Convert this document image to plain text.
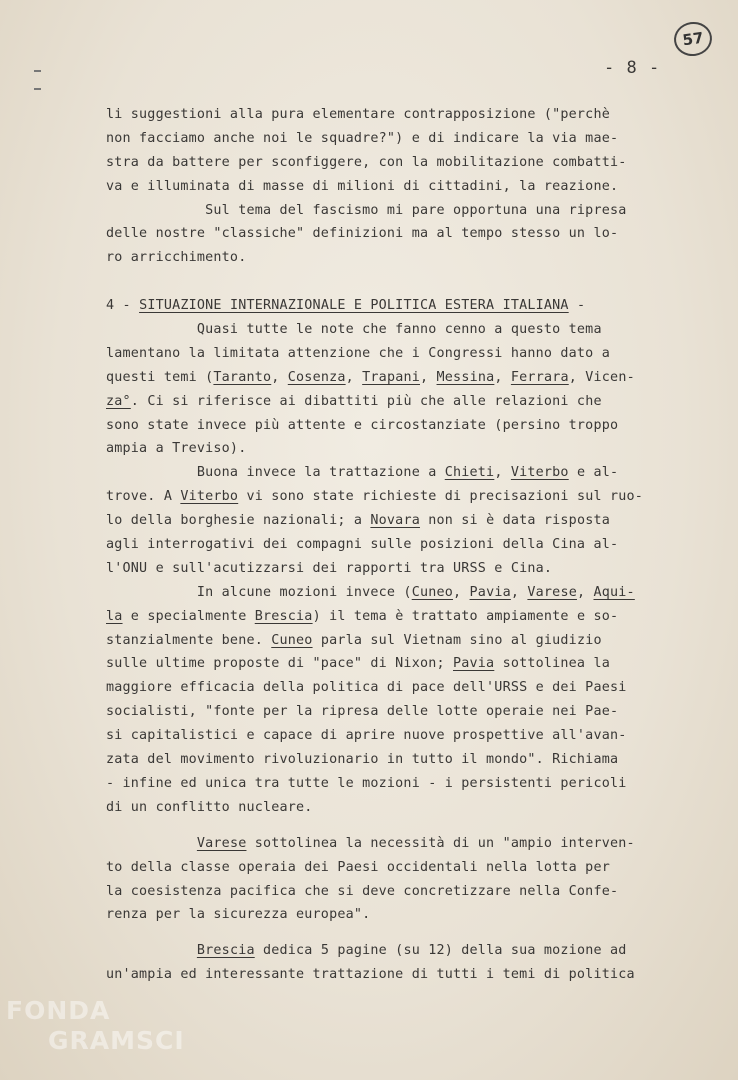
57
- 8 -
li suggestioni alla pura elementare contrapposizione ("perchè
non facciamo anche noi le squadre?") e di indicare la via mae-
stra da battere per sconfiggere, con la mobilitazione combatti-
va e illuminata di masse di milioni di cittadini, la reazione.
Sul tema del fascismo mi pare opportuna una ripresa
delle nostre "classiche" definizioni ma al tempo stesso un lo-
ro arricchimento.
4 - SITUAZIONE INTERNAZIONALE E POLITICA ESTERA ITALIANA -
Quasi tutte le note che fanno cenno a questo tema
lamentano la limitata attenzione che i Congressi hanno dato a
questi temi (Taranto, Cosenza, Trapani, Messina, Ferrara, Vicen-
za°. Ci si riferisce ai dibattiti più che alle relazioni che
sono state invece più attente e circostanziate (persino troppo
ampia a Treviso).
Buona invece la trattazione a Chieti, Viterbo e al-
trove. A Viterbo vi sono state richieste di precisazioni sul ruo-
lo della borghesie nazionali; a Novara non si è data risposta
agli interrogativi dei compagni sulle posizioni della Cina al-
l'ONU e sull'acutizzarsi dei rapporti tra URSS e Cina.
In alcune mozioni invece (Cuneo, Pavia, Varese, Aqui-
la e specialmente Brescia) il tema è trattato ampiamente e so-
stanzialmente bene. Cuneo parla sul Vietnam sino al giudizio
sulle ultime proposte di "pace" di Nixon; Pavia sottolinea la
maggiore efficacia della politica di pace dell'URSS e dei Paesi
socialisti, "fonte per la ripresa delle lotte operaie nei Pae-
si capitalistici e capace di aprire nuove prospettive all'avan-
zata del movimento rivoluzionario in tutto il mondo". Richiama
- infine ed unica tra tutte le mozioni - i persistenti pericoli
di un conflitto nucleare.
Varese sottolinea la necessità di un "ampio interven-
to della classe operaia dei Paesi occidentali nella lotta per
la coesistenza pacifica che si deve concretizzare nella Confe-
renza per la sicurezza europea".
Brescia dedica 5 pagine (su 12) della sua mozione ad
un'ampia ed interessante trattazione di tutti i temi di politica
FONDA
GRAMSCI
